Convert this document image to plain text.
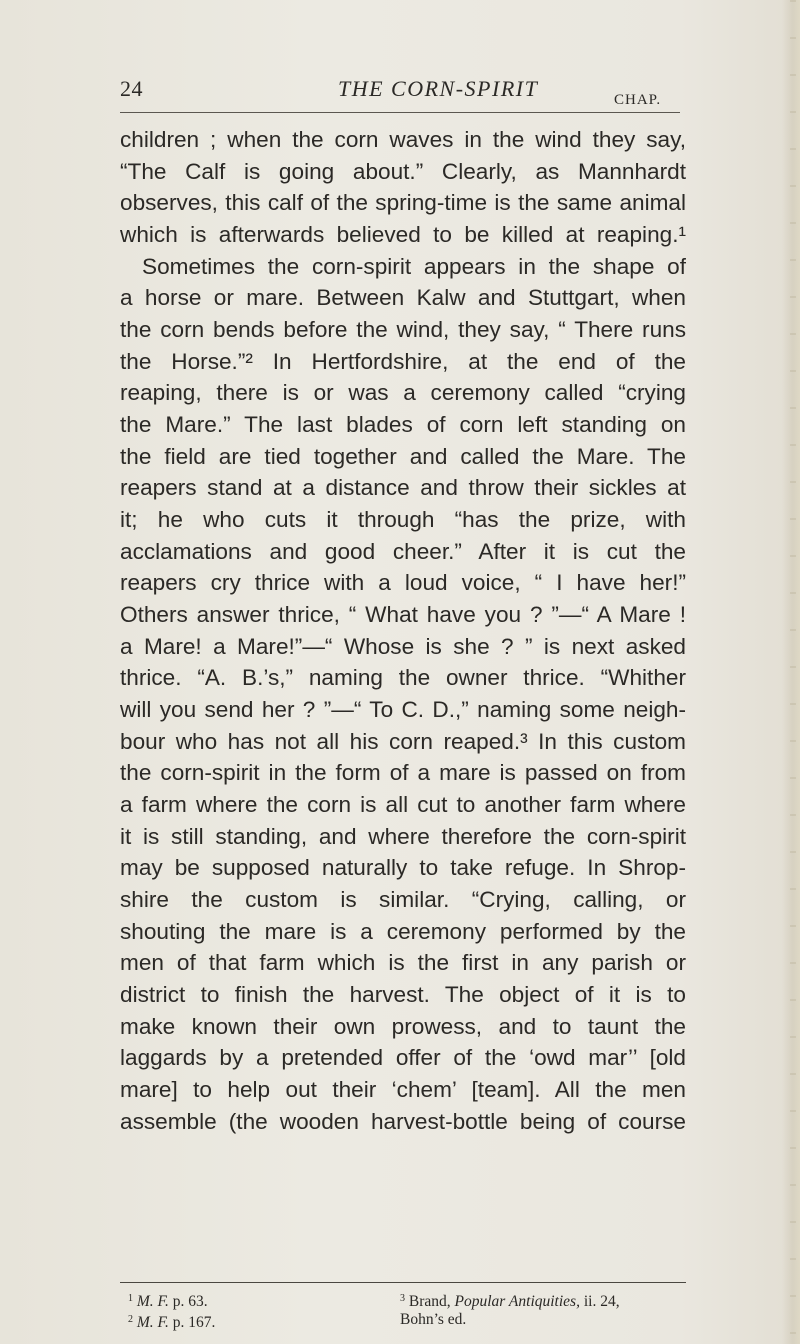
24	THE CORN-SPIRIT	CHAP.
children ; when the corn waves in the wind they say,
“The Calf is going about.” Clearly, as Mannhardt
observes, this calf of the spring-time is the same animal
which is afterwards believed to be killed at reaping.¹
Sometimes the corn-spirit appears in the shape of
a horse or mare. Between Kalw and Stuttgart, when
the corn bends before the wind, they say, “ There runs
the Horse.”² In Hertfordshire, at the end of the
reaping, there is or was a ceremony called “crying
the Mare.” The last blades of corn left standing on
the field are tied together and called the Mare. The
reapers stand at a distance and throw their sickles at
it; he who cuts it through “has the prize, with
acclamations and good cheer.” After it is cut the
reapers cry thrice with a loud voice, “ I have her!”
Others answer thrice, “ What have you ? ”—“ A Mare !
a Mare! a Mare!”—“ Whose is she ? ” is next asked
thrice. “A. B.’s,” naming the owner thrice. “Whither
will you send her ? ”—“ To C. D.,” naming some neigh-
bour who has not all his corn reaped.³ In this custom
the corn-spirit in the form of a mare is passed on from
a farm where the corn is all cut to another farm where
it is still standing, and where therefore the corn-spirit
may be supposed naturally to take refuge. In Shrop-
shire the custom is similar. “Crying, calling, or
shouting the mare is a ceremony performed by the
men of that farm which is the first in any parish or
district to finish the harvest. The object of it is to
make known their own prowess, and to taunt the
laggards by a pretended offer of the ‘owd mar’’ [old
mare] to help out their ‘chem’ [team]. All the men
assemble (the wooden harvest-bottle being of course
$^1$ M. F. p. 63.
$^2$ M. F. p. 167.
$^3$ Brand, Popular Antiquities, ii. 24,
Bohn’s ed.
